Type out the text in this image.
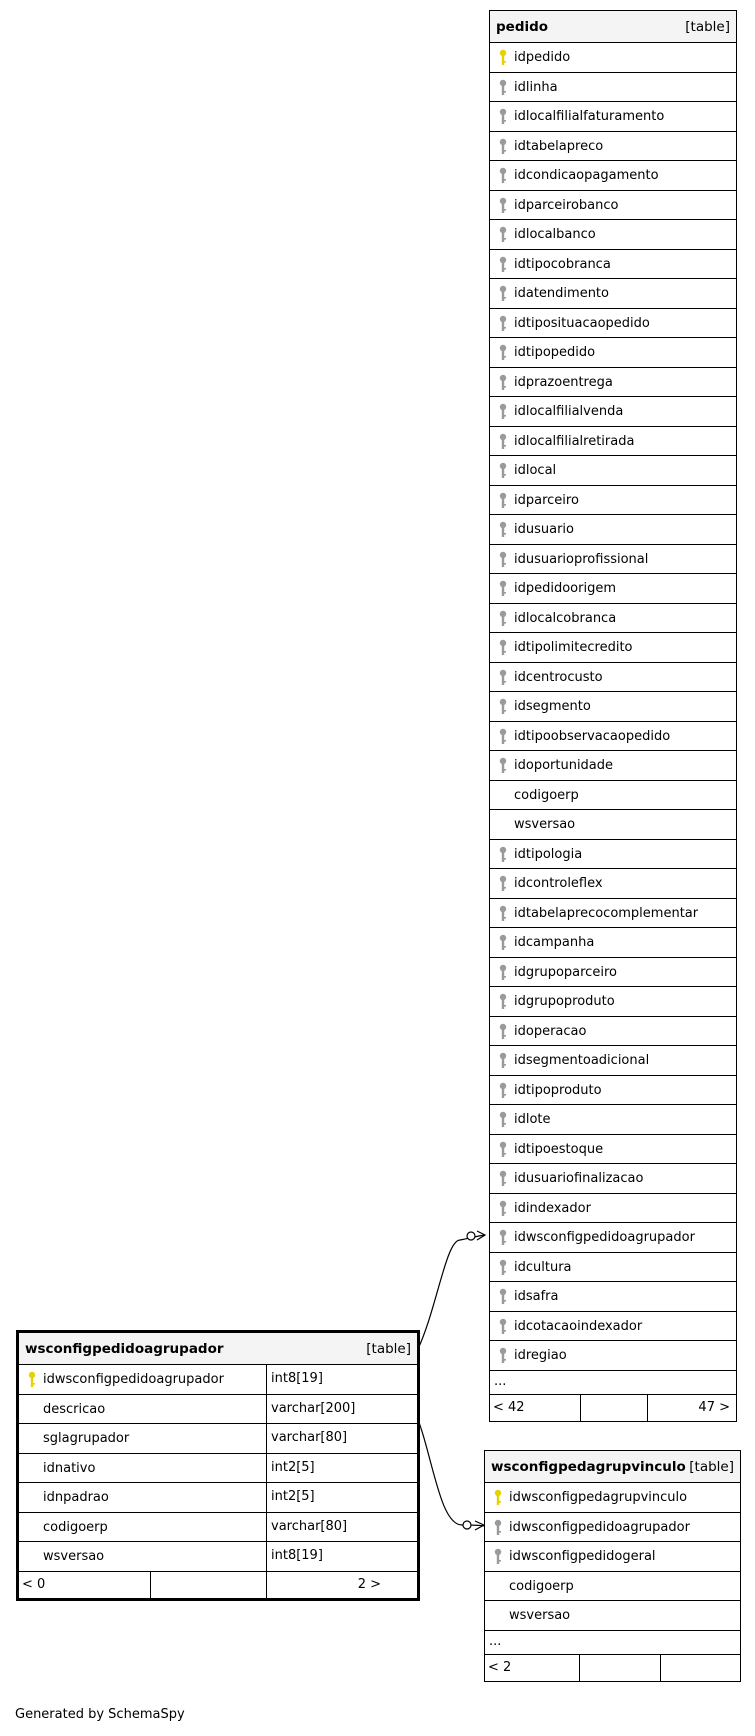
pedido	[table]
idpedido
idlinha
idlocalfilialfaturamento
idtabelapreco
idcondicaopagamento
idparceirobanco
idlocalbanco
idtipocobranca
idatendimento
idtiposituacaopedido
idtipopedido
idprazoentrega
idlocalfilialvenda
idlocalfilialretirada
idlocal
idparceiro
idusuario
idusuarioprofissional
idpedidoorigem
idlocalcobranca
idtipolimitecredito
idcentrocusto
idsegmento
idtipoobservacaopedido
idoportunidade
codigoerp
wsversao
idtipologia
idcontroleflex
idtabelaprecocomplementar
idcampanha
idgrupoparceiro
idgrupoproduto
idoperacao
idsegmentoadicional
idtipoproduto
idlote
idtipoestoque
idusuariofinalizacao
idindexador
idwsconfigpedidoagrupador
idcultura
idsafra
idcotacaoindexador
idregiao
...
< 42	47 >
wsconfigpedidoagrupador	[table]
idwsconfigpedidoagrupador	int8[19]
descricao	varchar[200]
sglagrupador	varchar[80]
idnativo	int2[5]
idnpadrao	int2[5]
codigoerp	varchar[80]
wsversao	int8[19]
< 0	2 >
wsconfigpedagrupvinculo [table]
idwsconfigpedagrupvinculo
idwsconfigpedidoagrupador
idwsconfigpedidogeral
codigoerp
wsversao
...
< 2
Generated by SchemaSpy
